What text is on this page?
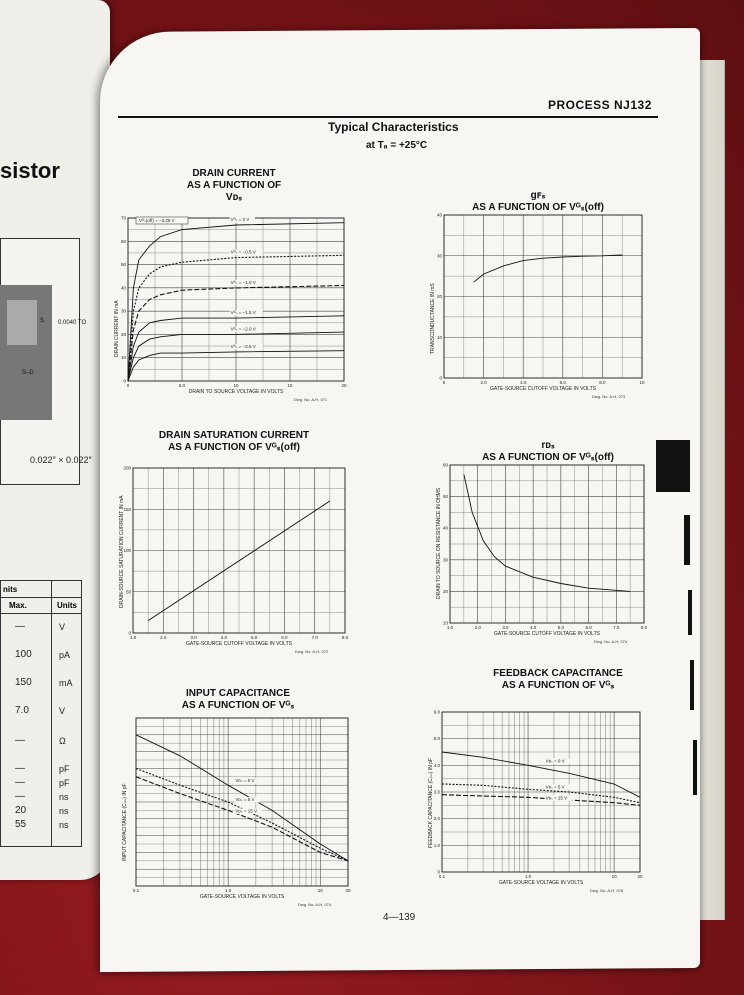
sistor
S
S–D
0.0040 TO
0.022″ × 0.022″
nits
Max.	Units
—	V
100	pA
150	mA
7.0	V
—	Ω
—	pF
—	pF
—	ns
20	ns
55	ns
PROCESS NJ132
Typical Characteristics
at Tₐ = +25°C
DRAIN CURRENT
AS A FUNCTION OF Vᴅₛ
0	5.0	10	15	20
0
10
20
30
40
50
60
70	Vᴳₛ = 0 V
Vᴳₛ = −0.5 V
Vᴳₛ = −1.0 V
Vᴳₛ = −1.5 V
Vᴳₛ = −2.0 V
Vᴳₛ = −2.5 V
Vᴳₛ(off) = −3.25 V
DRAIN TO SOURCE VOLTAGE IN VOLTS
DRAIN CURRENT IN mA
Dwg. No. A-H, 071
gꜰₛ
AS A FUNCTION OF Vᴳₛ(off)
0	2.0	4.0	6.0	8.0	10
0
10
20
30
40
GATE-SOURCE CUTOFF VOLTAGE IN VOLTS
TRANSCONDUCTANCE IN mS
Dwg. No. A-H, 073
DRAIN SATURATION CURRENT
AS A FUNCTION OF Vᴳₛ(off)
1.0	2.0	3.0	4.0	5.0	6.0	7.0	8.0
0
50
100
150
200
GATE-SOURCE CUTOFF VOLTAGE IN VOLTS
DRAIN-SOURCE SATURATION CURRENT IN mA
Dwg. No. A-H, 072
rᴅₛ
AS A FUNCTION OF Vᴳₛ(off)
1.0	2.0	3.0	4.0	5.0	6.0	7.0	8.0
10
20
30
40
50
60
GATE-SOURCE CUTOFF VOLTAGE IN VOLTS
DRAIN TO SOURCE ON RESISTANCE IN OHMS
Dwg. No. A-H, 074
INPUT CAPACITANCE
AS A FUNCTION OF Vᴳₛ
0.1	1.0	10	20
Vᴅₛ = 0 V
Vᴅₛ = 5 V
Vᴅₛ = 15 V
GATE-SOURCE VOLTAGE IN VOLTS
INPUT CAPACITANCE (Cᵢₛₛ) IN pF
Dwg. No. A-H, 074
FEEDBACK CAPACITANCE
AS A FUNCTION OF Vᴳₛ
0.1	1.0	10	20
0
1.0
2.0
3.0
4.0
5.0
6.0
Vᴅₛ = 0 V
Vᴅₛ = 5 V
Vᴅₛ = 15 V
GATE-SOURCE VOLTAGE IN VOLTS
FEEDBACK CAPACITANCE (Cᵣₛₛ) IN pF
Dwg. No. A-H, 076
4—139
